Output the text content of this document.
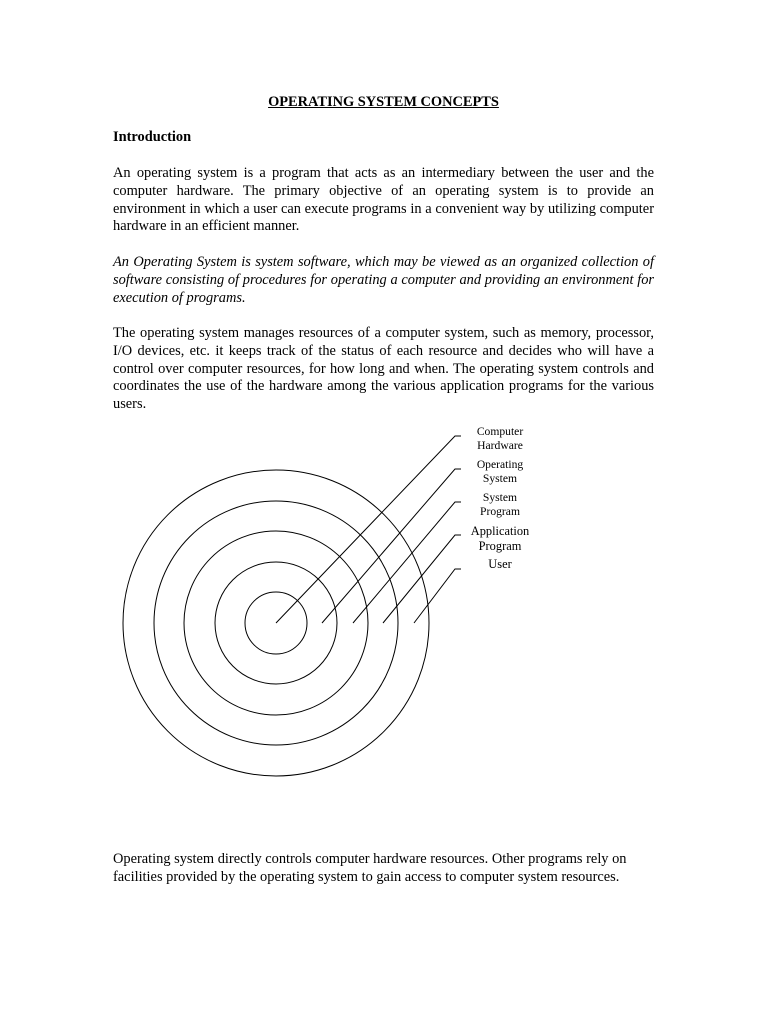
OPERATING SYSTEM CONCEPTS
Introduction

An operating system is a program that acts as an intermediary between the user and the computer hardware. The primary objective of an operating system is to provide an environment in which a user can execute programs in a convenient way by utilizing computer hardware in an efficient manner.

An Operating System is system software, which may be viewed as an organized collection of software consisting of procedures for operating a computer and providing an environment for execution of programs.

The operating system manages resources of a computer system, such as memory, processor, I/O devices, etc. it keeps track of the status of each resource and decides who will have a control over computer resources, for how long and when. The operating system controls and coordinates the use of the hardware among the various application programs for the various users.

Computer
Hardware
Operating
System
System
Program
Application
Program
User

Operating system directly controls computer hardware resources. Other programs rely on facilities provided by the operating system to gain access to computer system resources.
